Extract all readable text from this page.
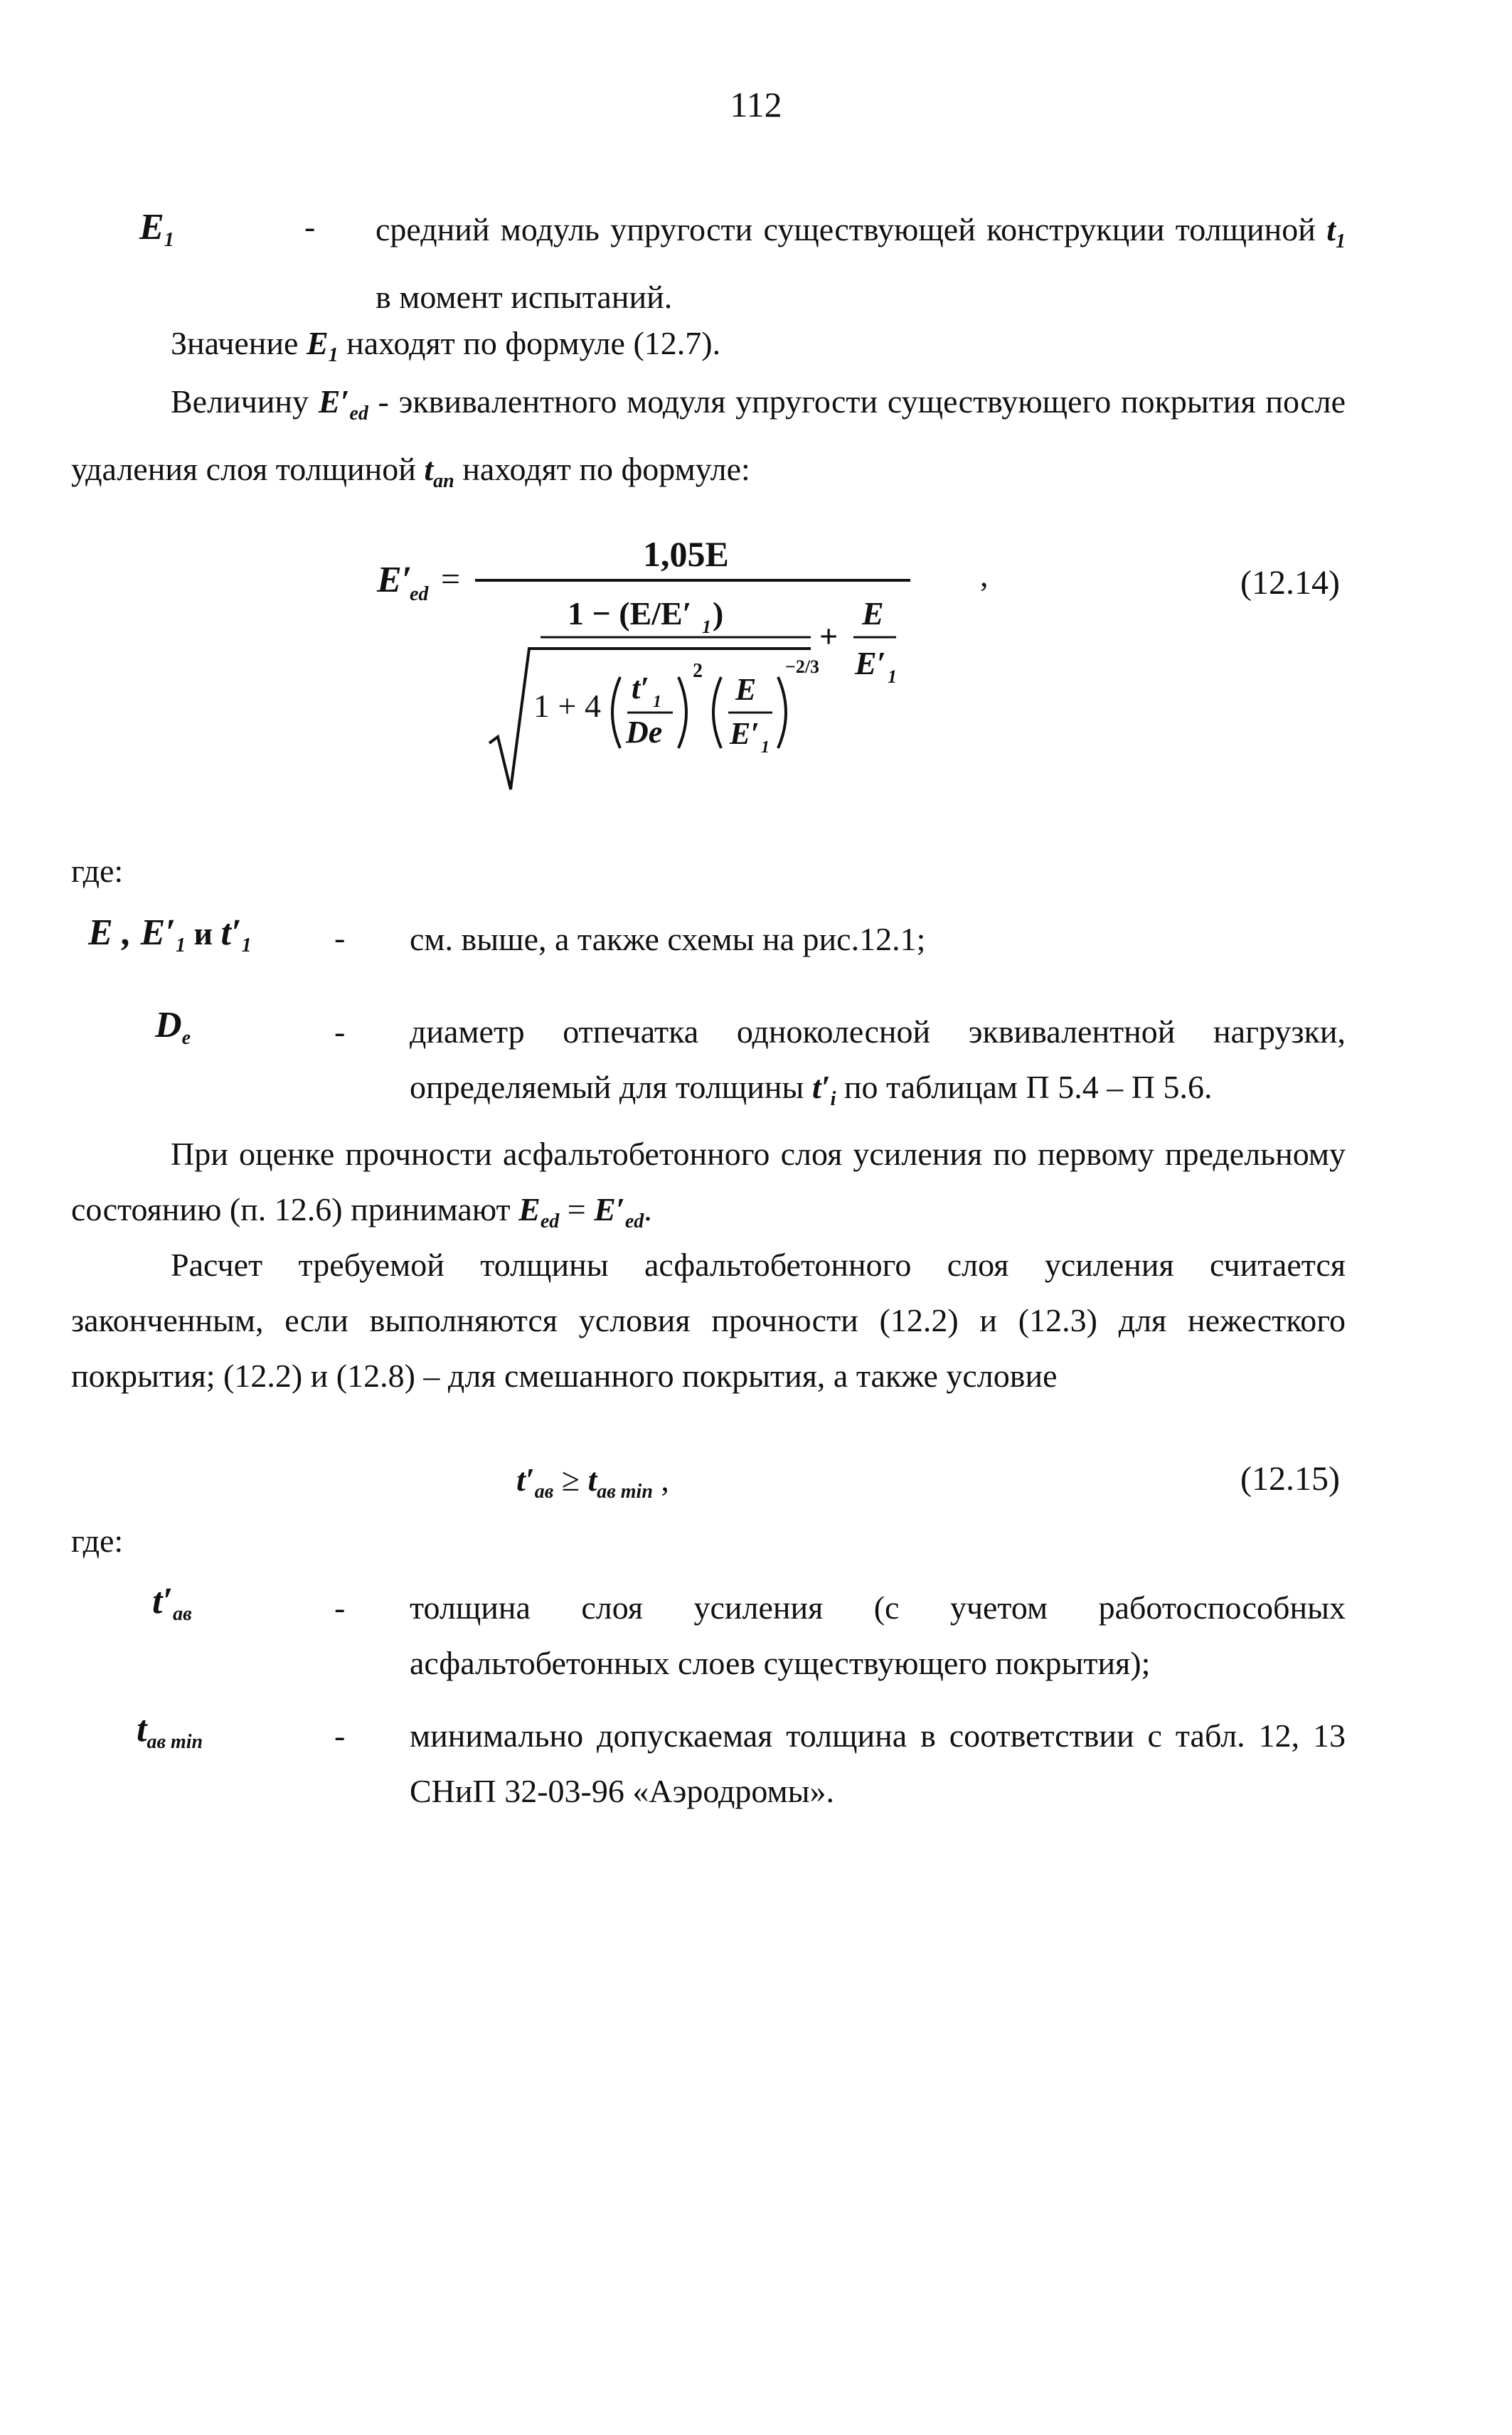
112
$E_1$	- средний модуль упругости существующей конструкции толщиной $t_1$ в момент испытаний.
Значение $E_1$ находят по формуле (12.7).
Величину $E'_{ed}$ - эквивалентного модуля упругости существующего покрытия после удаления слоя толщиной $t_{ап}$ находят по формуле:
E′
ed =
1,05E
1 − (E/E′ 1 )
+
E
E′ 1
1 + 4 t′ 1
De
2
E
E′ 1
−2/3
,	(12.14)
где:
E , $E'_1$ и $t'_1$	- см. выше, а также схемы на рис.12.1;
$D_e$	- диаметр отпечатка одноколесной эквивалентной нагрузки, определяемый для толщины $t'_i$ по таблицам П 5.4 – П 5.6.
При оценке прочности асфальтобетонного слоя усиления по первому предельному состоянию (п. 12.6) принимают $E_{ed} = E'_{ed}$.
Расчет требуемой толщины асфальтобетонного слоя усиления считается законченным, если выполняются условия прочности (12.2) и (12.3) для нежесткого покрытия; (12.2) и (12.8) – для смешанного покрытия, а также условие
$t'_{ав} \ge t_{ав min}$ ,	(12.15)
где:
$t'_{ав}$	- толщина слоя усиления (с учетом работоспособных асфальтобетонных слоев существующего покрытия);
$t_{ав min}$	- минимально допускаемая толщина в соответствии с табл. 12, 13 СНиП 32-03-96 «Аэродромы».
